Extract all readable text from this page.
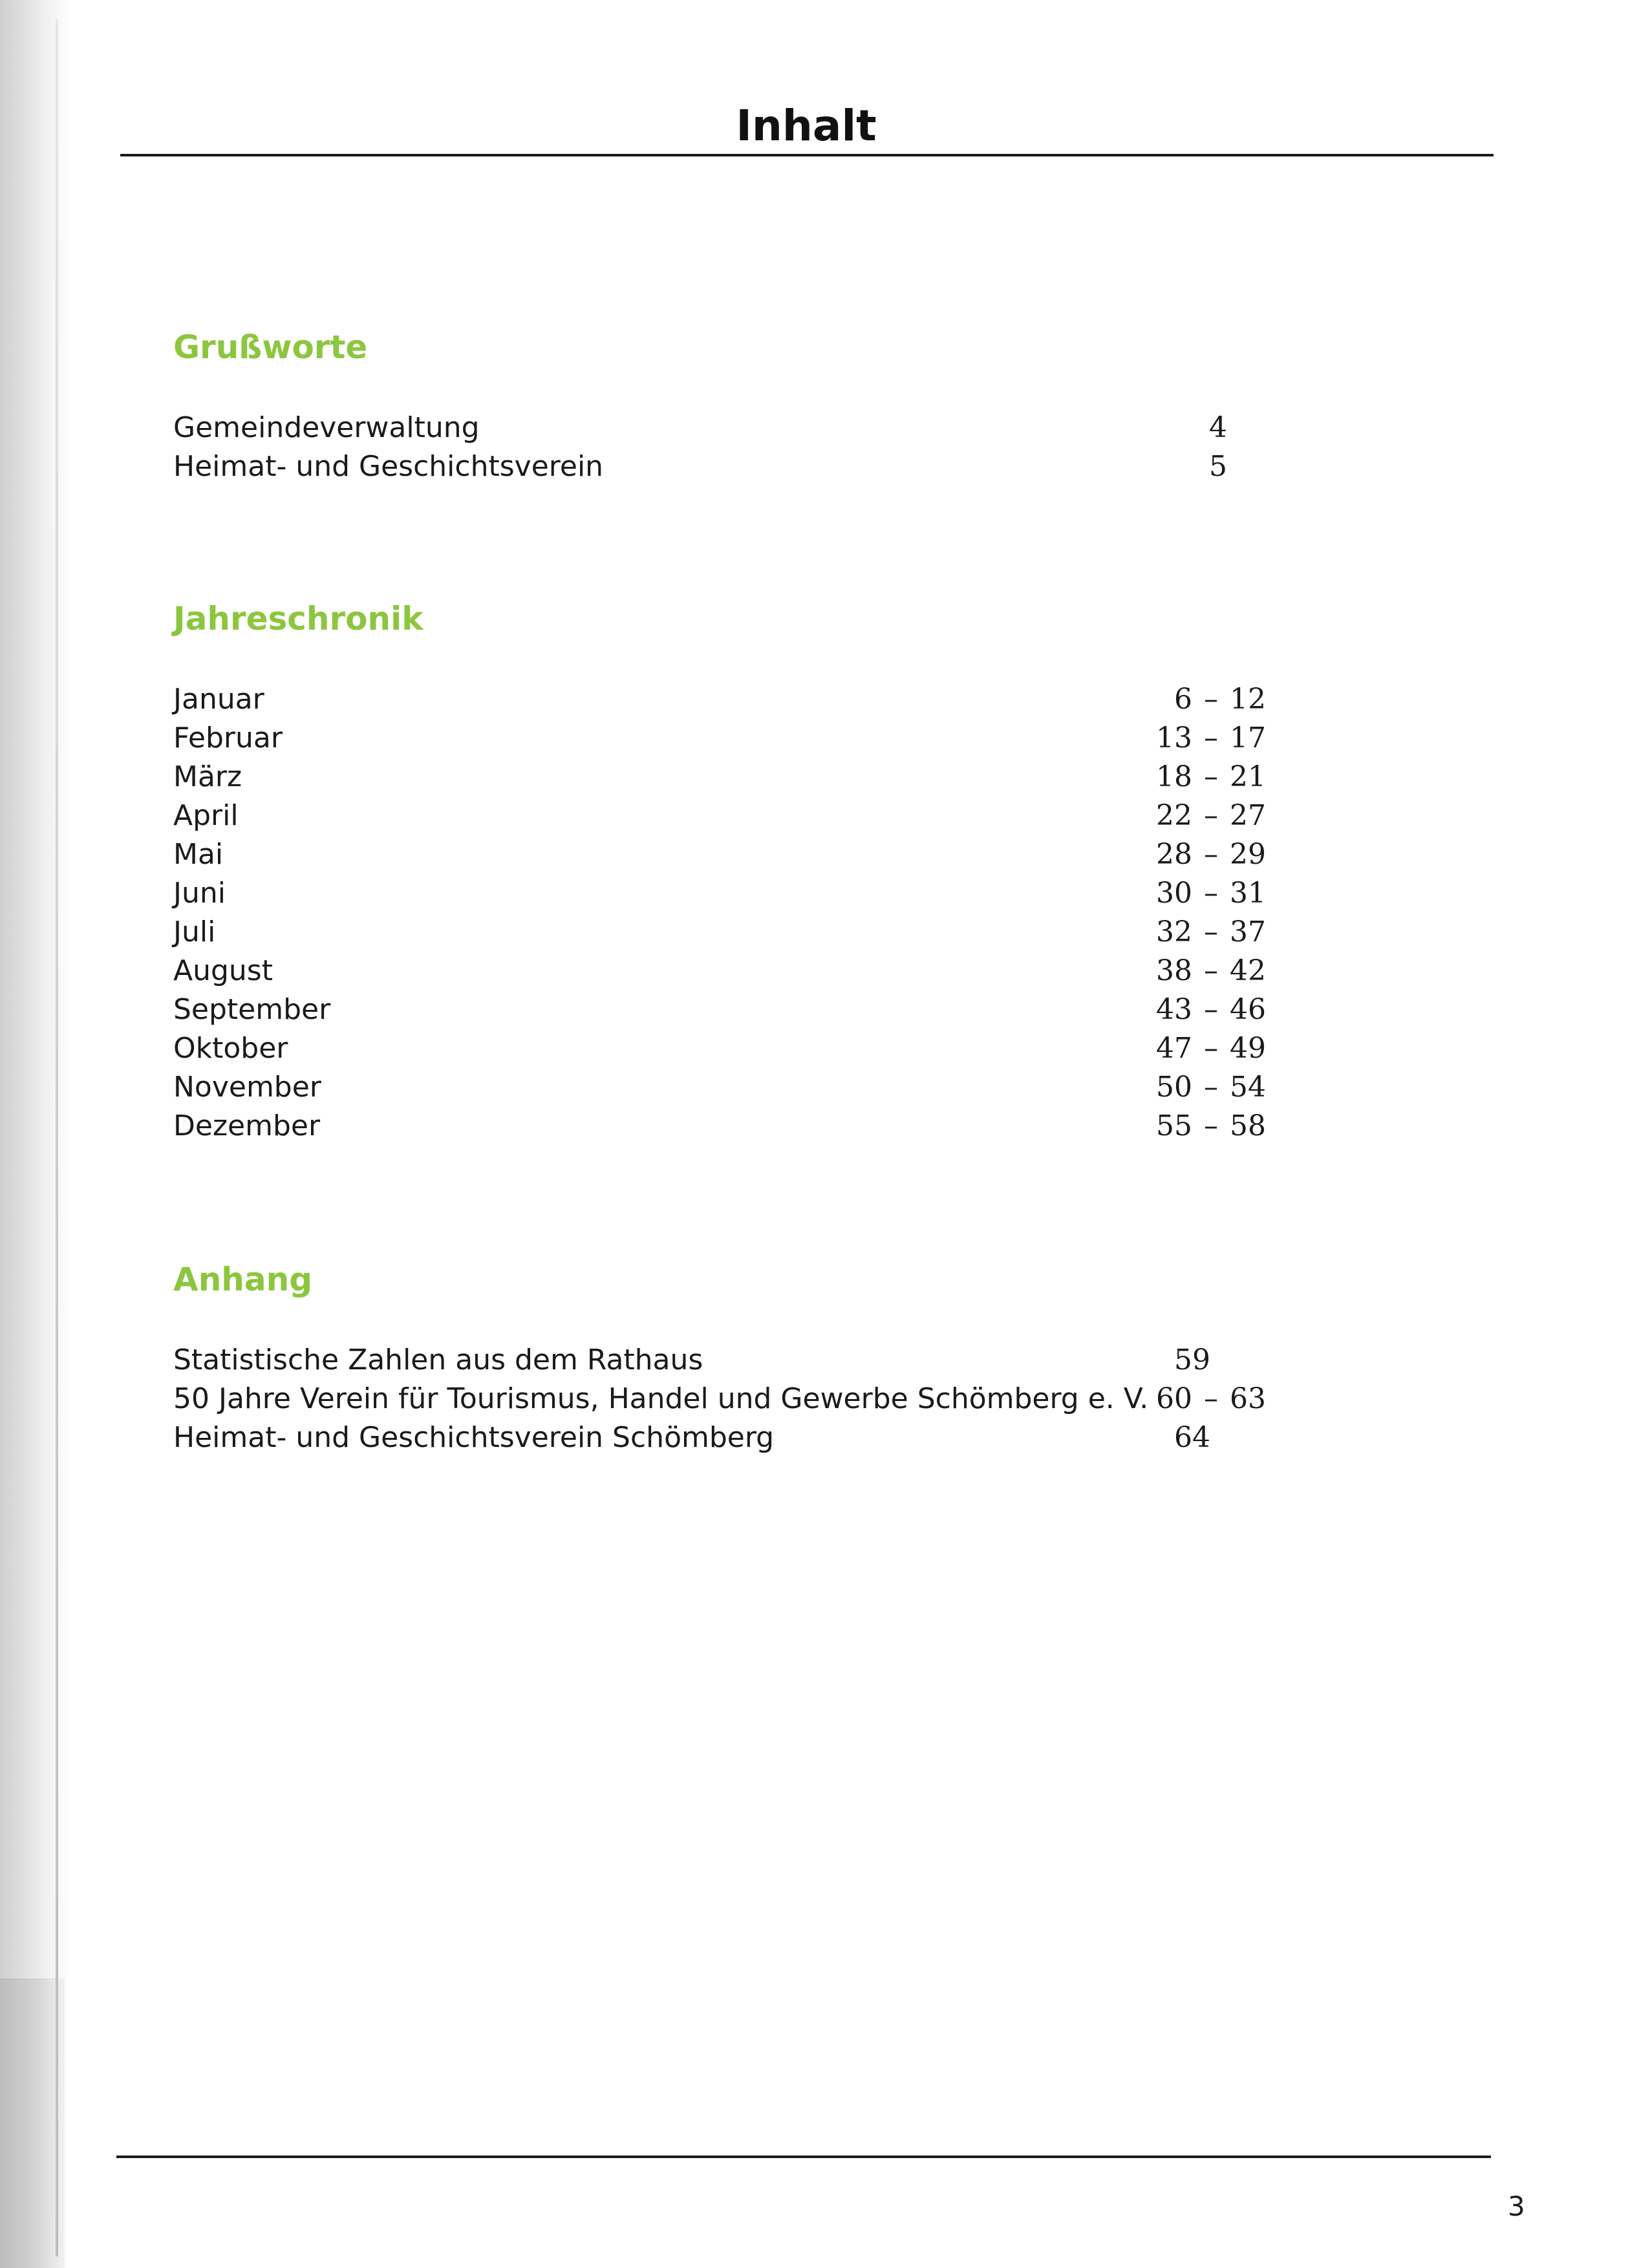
Inhalt
Grußworte
Gemeindeverwaltung	4
Heimat- und Geschichtsverein	5
Jahreschronik
Januar	6 – 12
Februar	13 – 17
März	18 – 21
April	22 – 27
Mai	28 – 29
Juni	30 – 31
Juli	32 – 37
August	38 – 42
September	43 – 46
Oktober	47 – 49
November	50 – 54
Dezember	55 – 58
Anhang
Statistische Zahlen aus dem Rathaus	59
50 Jahre Verein für Tourismus, Handel und Gewerbe Schömberg e. V. 60 – 63
Heimat- und Geschichtsverein Schömberg	64
3
